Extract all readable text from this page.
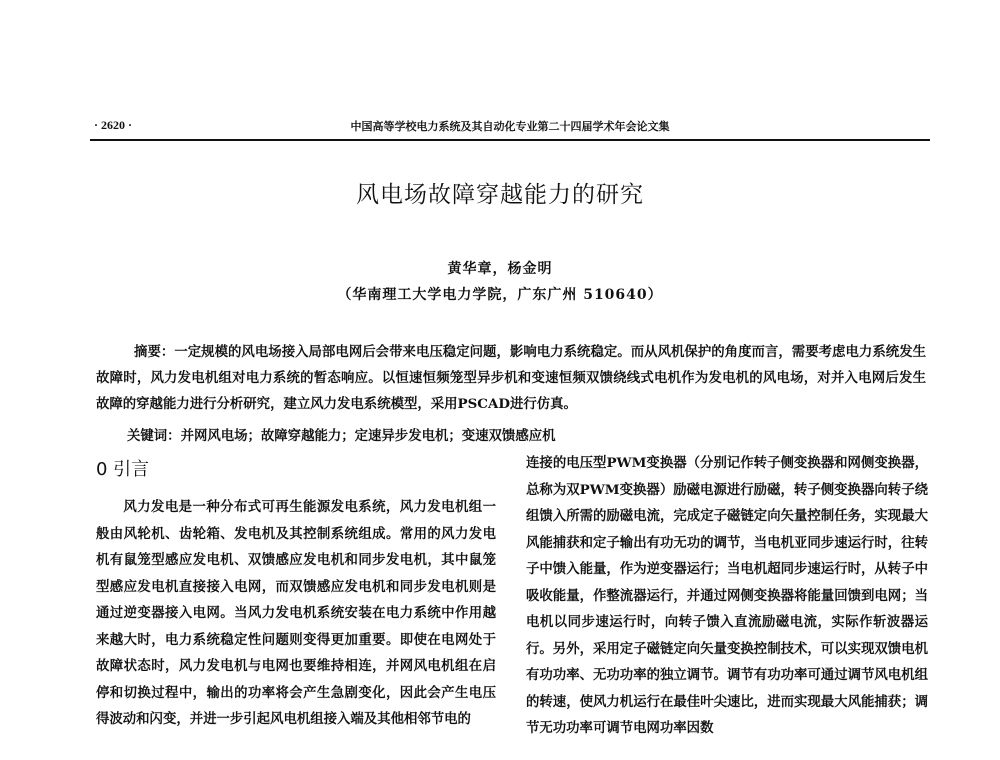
· 2620 ·	中国高等学校电力系统及其自动化专业第二十四届学术年会论文集
风电场故障穿越能力的研究
黄华章，杨金明
（华南理工大学电力学院，广东广州 510640）
摘要：一定规模的风电场接入局部电网后会带来电压稳定问题，影响电力系统稳定。而从风机保护的角度而言，需要考虑电力系统发生故障时，风力发电机组对电力系统的暂态响应。以恒速恒频笼型异步机和变速恒频双馈绕线式电机作为发电机的风电场，对并入电网后发生故障的穿越能力进行分析研究，建立风力发电系统模型，采用PSCAD进行仿真。
关键词：并网风电场；故障穿越能力；定速异步发电机；变速双馈感应机
0 引言
风力发电是一种分布式可再生能源发电系统，风力发电机组一般由风轮机、齿轮箱、发电机及其控制系统组成。常用的风力发电机有鼠笼型感应发电机、双馈感应发电机和同步发电机，其中鼠笼型感应发电机直接接入电网，而双馈感应发电机和同步发电机则是通过逆变器接入电网。当风力发电机系统安装在电力系统中作用越来越大时，电力系统稳定性问题则变得更加重要。即使在电网处于故障状态时，风力发电机与电网也要维持相连，并网风电机组在启停和切换过程中，输出的功率将会产生急剧变化，因此会产生电压得波动和闪变，并进一步引起风电机组接入端及其他相邻节电的
连接的电压型PWM变换器（分别记作转子侧变换器和网侧变换器，总称为双PWM变换器）励磁电源进行励磁，转子侧变换器向转子绕组馈入所需的励磁电流，完成定子磁链定向矢量控制任务，实现最大风能捕获和定子输出有功无功的调节，当电机亚同步速运行时，往转子中馈入能量，作为逆变器运行；当电机超同步速运行时，从转子中吸收能量，作整流器运行，并通过网侧变换器将能量回馈到电网；当电机以同步速运行时，向转子馈入直流励磁电流，实际作斩波器运行。另外，采用定子磁链定向矢量变换控制技术，可以实现双馈电机有功功率、无功功率的独立调节。调节有功功率可通过调节风电机组的转速，使风力机运行在最佳叶尖速比，进而实现最大风能捕获；调节无功功率可调节电网功率因数
